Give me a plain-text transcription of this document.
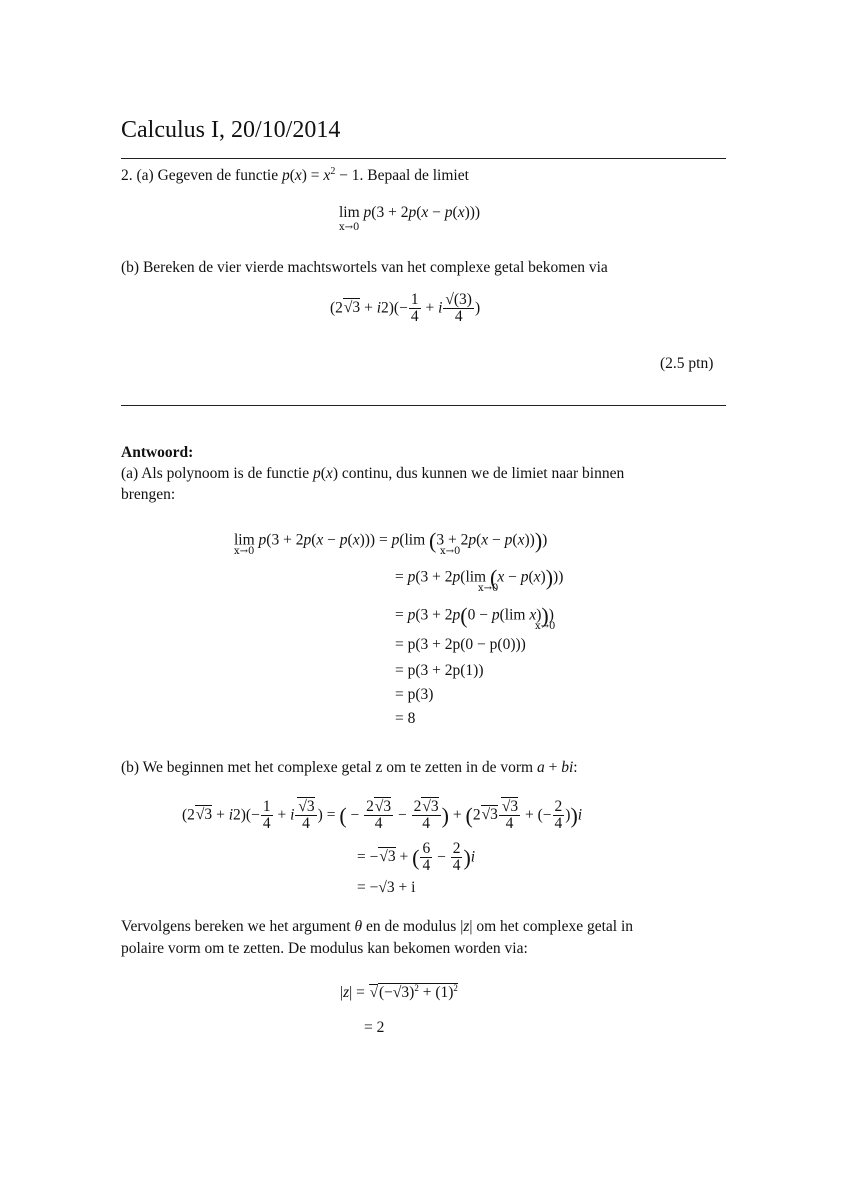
Calculus I, 20/10/2014
2. (a) Gegeven de functie $p(x) = x^2 - 1$. Bepaal de limiet
lim p(3 + 2p(x − p(x)))
x→0
(b) Bereken de vier vierde machtswortels van het complexe getal bekomen via
$(2√3 + i2)(- \frac{1}{4} + i \frac{√(3)}{4}$ )
(2.5 ptn)
Antwoord:
(a) Als polynoom is de functie p(x) continu, dus kunnen we de limiet naar binnen
brengen:
lim p(3 + 2p(x − p(x))) = p(lim (3 + 2p(x − p(x))))
x→0	x→0
= p(3 + 2p(lim (x − p(x))))
x→0
= p(3 + 2p(0 − p(lim x)))
x→0
= p(3 + 2p(0 − p(0)))
= p(3 + 2p(1))
= p(3)
= 8
(b) We beginnen met het complexe getal z om te zetten in de vorm a + bi:
$(2√3 + i2)(- \frac{1}{4} + i \frac{√3}{4}$ ) = ( − $\frac{2√3}{4} - \frac{2√3}{4}$ ) + ($2√3 \frac{√3}{4}$ + (− $\frac{2}{4} ))i$
= −√3 + ( $\frac{6}{4} - \frac{2}{4} )i$
= −√3 + i
Vervolgens bereken we het argument θ en de modulus |z| om het complexe getal in
polaire vorm om te zetten. De modulus kan bekomen worden via:
$|z| = √(-√3)^2 + (1)^2$
= 2
